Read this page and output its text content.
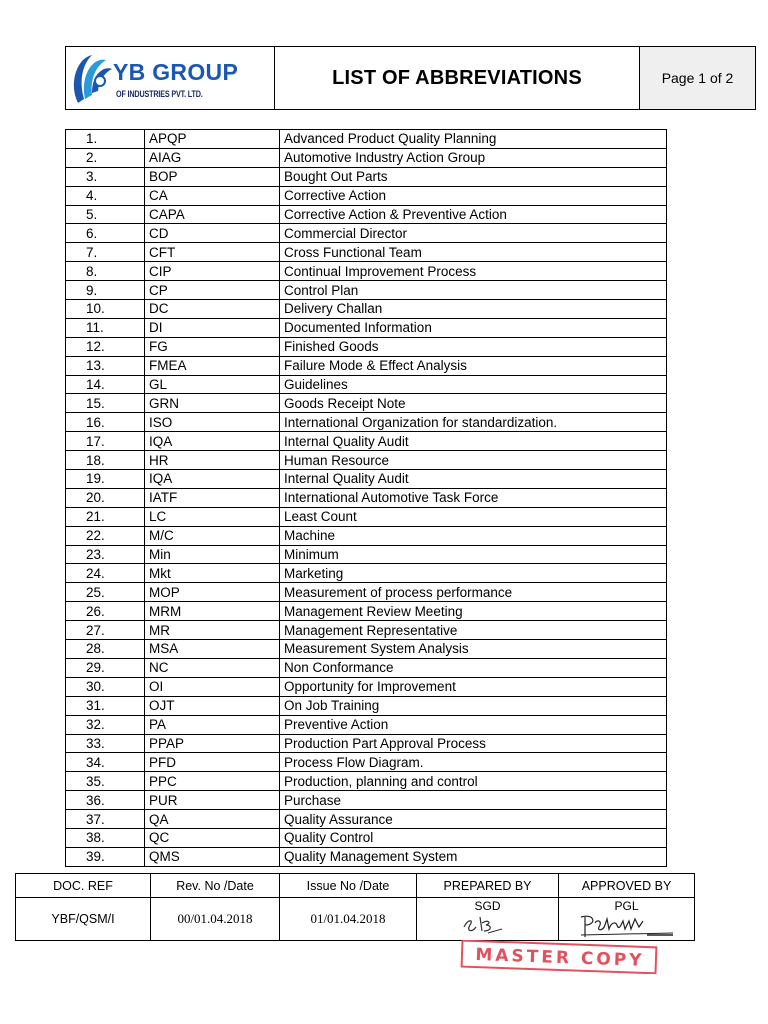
YB GROUP
OF INDUSTRIES PVT. LTD.
LIST OF ABBREVIATIONS	Page 1 of 2
1.	APQP	Advanced Product Quality Planning
2.	AIAG	Automotive Industry Action Group
3.	BOP	Bought Out Parts
4.	CA	Corrective Action
5.	CAPA	Corrective Action & Preventive Action
6.	CD	Commercial Director
7.	CFT	Cross Functional Team
8.	CIP	Continual Improvement Process
9.	CP	Control Plan
10.	DC	Delivery Challan
11.	DI	Documented Information
12.	FG	Finished Goods
13.	FMEA	Failure Mode & Effect Analysis
14.	GL	Guidelines
15.	GRN	Goods Receipt Note
16.	ISO	International Organization for standardization.
17.	IQA	Internal Quality Audit
18.	HR	Human Resource
19.	IQA	Internal Quality Audit
20.	IATF	International Automotive Task Force
21.	LC	Least Count
22.	M/C	Machine
23.	Min	Minimum
24.	Mkt	Marketing
25.	MOP	Measurement of process performance
26.	MRM	Management Review Meeting
27.	MR	Management Representative
28.	MSA	Measurement System Analysis
29.	NC	Non Conformance
30.	OI	Opportunity for Improvement
31.	OJT	On Job Training
32.	PA	Preventive Action
33.	PPAP	Production Part Approval Process
34.	PFD	Process Flow Diagram.
35.	PPC	Production, planning and control
36.	PUR	Purchase
37.	QA	Quality Assurance
38.	QC	Quality Control
39.	QMS	Quality Management System
DOC. REF	Rev. No /Date	Issue No /Date	PREPARED BY	APPROVED BY
YBF/QSM/I	00/01.04.2018	01/01.04.2018	SGD	PGL
MASTER COPY
